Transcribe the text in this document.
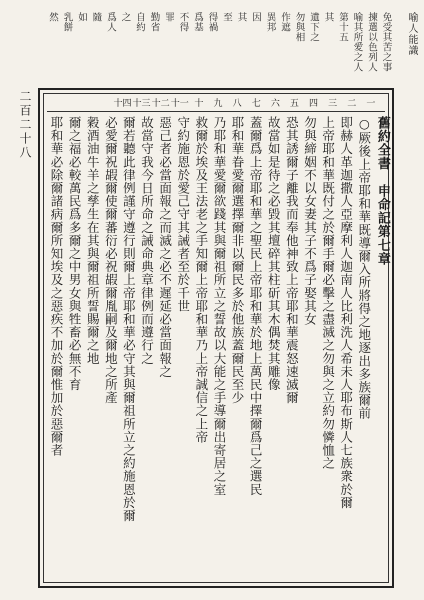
喻人能識
免受其苦之事
揀選以色列人
喻其所愛之人
第十五
其
遺下之
勿與相
作遮
異邦
因
其
至
得禍
爲基
不得
罪
勤省
自約
之
爲人
隨
如
乳餅
然
二百二十八	一
二
三
四
五
六
七
八
九
十
十一
十二
十三
十四
舊約全書　申命記第七章
○厥後上帝耶和華既導爾入所將得之地逐出多族爾前
即赫人革迦撒人亞摩利人迦南人比利洗人希未人耶布斯人七族衆於爾
上帝耶和華既付之於爾手爾必擊之盡滅之勿與之立約勿憐恤之
勿與締姻不以女妻其子不爲子娶其女
恐其誘爾子離我而奉他神致上帝耶和華震怒速滅爾
故當如是待之必毀其壇碎其柱斫其木偶焚其雕像
蓋爾爲上帝耶和華之聖民上帝耶和華於地上萬民中擇爾爲己之選民
耶和華眷愛爾選擇爾非以爾民多於他族蓋爾民至少
乃耶和華愛爾欲踐其與爾祖所立之誓故以大能之手導爾出寄居之室
救爾於埃及王法老之手知爾上帝耶和華乃上帝誠信之上帝
守約施恩於愛己守其誡者至於千世
惡己者必當面報之而滅之必不遲延必當面報之
故當守我今日所命之誡命典章律例而遵行之
爾若聽此律例謹守遵行則爾上帝耶和華必守其與爾祖所立之約施恩於爾
必愛爾祝嘏爾使爾蕃衍必祝嘏爾胤嗣及爾地之所產
穀酒油牛羊之孳生在其與爾祖所誓賜爾之地
爾之福必較萬民爲多爾之中男女與牲畜必無不育
耶和華必除爾諸病爾所知埃及之惡疾不加於爾惟加於惡爾者
